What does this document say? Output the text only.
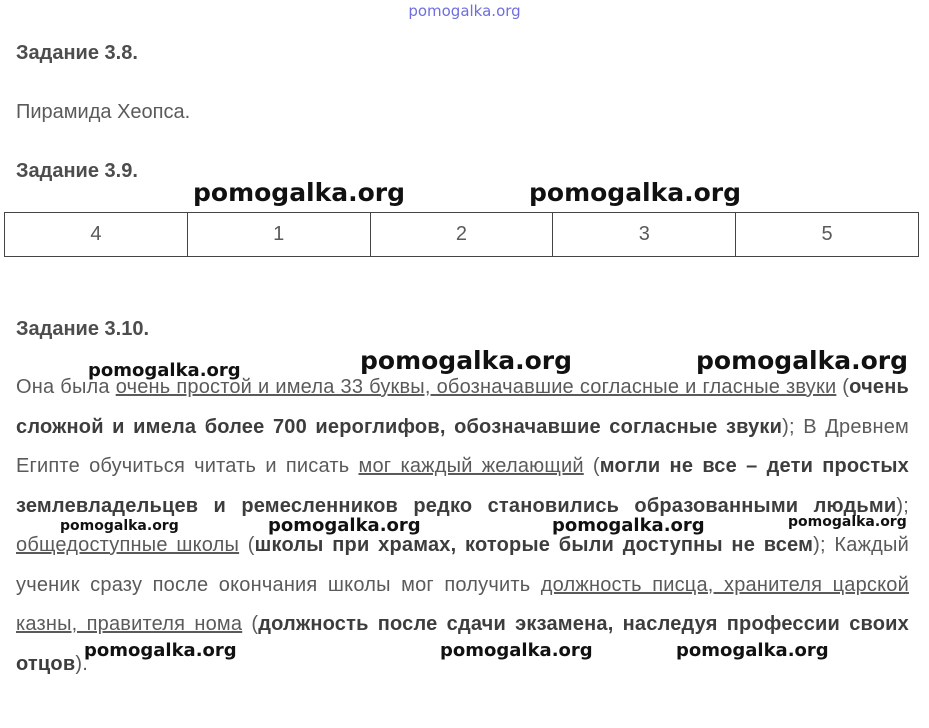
pomogalka.org
Задание 3.8.
Пирамида Хеопса.
Задание 3.9.
4	1	2	3	5
Задание 3.10.
Она была очень простой и имела 33 буквы, обозначавшие согласные и гласные звуки (очень сложной и имела более 700 иероглифов, обозначавшие согласные звуки); В Древнем Египте обучиться читать и писать мог каждый желающий (могли не все – дети простых землевладельцев и ремесленников редко становились образованными людьми); общедоступные школы (школы при храмах, которые были доступны не всем); Каждый ученик сразу после окончания школы мог получить должность писца, хранителя царской казны, правителя нома (должность после сдачи экзамена, наследуя профессии своих отцов).
pomogalka.org	pomogalka.org
pomogalka.org	pomogalka.org	pomogalka.org
pomogalka.org	pomogalka.org	pomogalka.org	pomogalka.org
pomogalka.org	pomogalka.org	pomogalka.org
